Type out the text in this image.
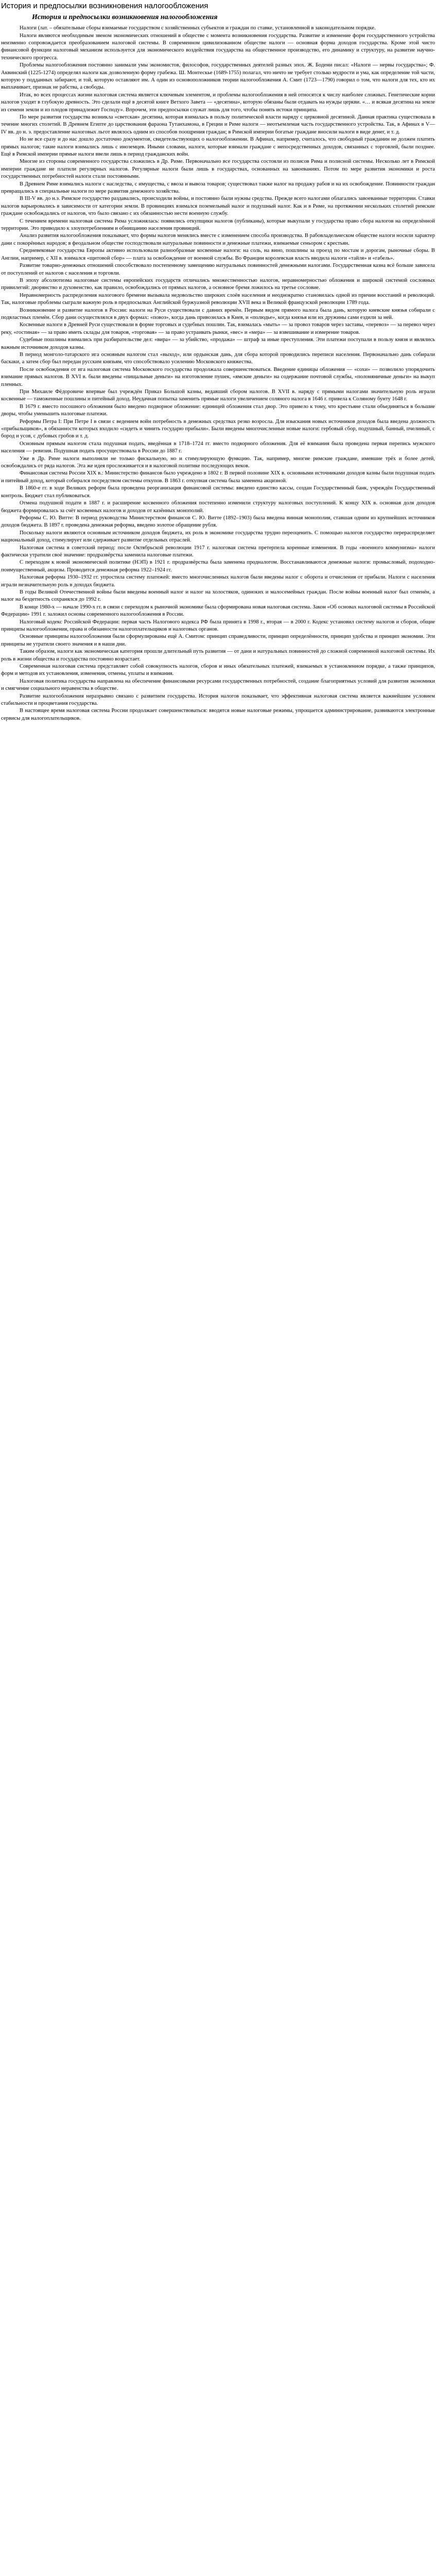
История и предпосылки возникновения налогообложения
История и предпосылки возникновения налогообложения

Налоги (лат. – обязательные сборы взимаемые государством с хозяйственных субъектов и граждан по ставке, установленной в законодательном порядке.

Налоги являются необходимым звеном экономических отношений в обществе с момента возникновения государства. Развитие и изменение форм государственного устройства неизменно сопровождается преобразованием налоговой системы. В современном цивилизованном обществе налоги — основная форма доходов государства. Кроме этой чисто финансовой функции налоговый механизм используется для экономического воздействия государства на общественное производство, его динамику и структуру, на развитие научно-технического прогресса.

Проблемы налогообложения постоянно занимали умы экономистов, философов, государственных деятелей разных эпох. Ж. Бодени писал: «Налоги — нервы государства»; Ф. Аквинский (1225-1274) определял налоги как дозволенную форму грабежа. Ш. Монтескье (1689-1755) полагал, что ничто не требует столько мудрости и ума, как определение той части, которую у подданных забирают, и той, которую оставляют им. А один из основоположников теории налогообложения А. Смит (1723—1790) говорил о том, что налоги для тех, кто их выплачивает, признак не рабства, а свободы.

Итак, во всех процессах жизни налоговая система является ключевым элементом, и проблемы налогообложения в ней относятся к числу наиболее сложных. Генетические корни налогов уходят в глубокую древность. Это сделали ещё в десятой книге Ветхого Завета — «десятина», которую обязаны были отдавать на нужды церкви. «… и всякая десятина на земле из семени земли и из плодов принадлежит Господу». Впрочем, эти предпосылки служат лишь для того, чтобы понять истоки принципа.

По мере развития государства возникла «светская» десятина, которая взималась в пользу политической власти наряду с церковной десятиной. Данная практика существовала в течение многих столетий. В Древнем Египте до царствования фараона Тутанхамона, в Греции и Риме налоги — неотъемлемая часть государственного устройства. Так, в Афинах в V—IV вв. до н. э. предоставление налоговых льгот являлось одним из способов поощрения граждан; в Римской империи богатые граждане вносили налоги в виде денег, и т. д.

Но не все сразу и до нас дошло достаточно документов, свидетельствующих о налогообложении. В Афинах, например, считалось, что свободный гражданин не должен платить прямых налогов; такие налоги взимались лишь с иноземцев. Иными словами, налоги, которые взимали граждане с непосредственных доходов, связанных с торговлей, были позднее. Ещё в Римской империи прямые налоги ввели лишь в период гражданских войн.

Многие из стороны современного государства сложились в Др. Риме. Первоначально все государства состояли из полисов Рима и полисной системы. Несколько лет в Римской империи граждане не платили регулярных налогов. Регулярные налоги были лишь в государствах, основанных на завоеваниях. Потом по мере развития экономики и роста государственных потребностей налоги стали постоянными.

В Древнем Риме взимались налоги с наследства, с имущества, с ввоза и вывоза товаров; существовал также налог на продажу рабов и на их освобождение. Повинности граждан превращались в специальные налоги по мере развития денежного хозяйства.

В III-V вв. до н.э. Римское государство раздавались, происходили войны, и постоянно были нужны средства. Прежде всего налогами облагались завоеванные территории. Ставки налогов варьировались в зависимости от категории земли. В провинциях взимался поземельный налог и подушный налог. Как и в Риме, на протяжении нескольких столетий римские граждане освобождались от налогов, что было связано с их обязанностью нести военную службу.

С течением времени налоговая система Рима усложнялась: появились откупщики налогов (публиканы), которые выкупали у государства право сбора налогов на определённой территории. Это приводило к злоупотреблениям и обнищанию населения провинций.

Анализ развития налогообложения показывает, что формы налогов менялись вместе с изменением способа производства. В рабовладельческом обществе налоги носили характер дани с покорённых народов; в феодальном обществе господствовали натуральные повинности и денежные платежи, взимаемые сеньором с крестьян.

Средневековые государства Европы активно использовали разнообразные косвенные налоги: на соль, на вино, пошлины за проезд по мостам и дорогам, рыночные сборы. В Англии, например, с XII в. взимался «щитовой сбор» — плата за освобождение от военной службы. Во Франции королевская власть вводила налоги «тайля» и «габель».

Развитие товарно-денежных отношений способствовало постепенному замещению натуральных повинностей денежными налогами. Государственная казна всё больше зависела от поступлений от налогов с населения и торговли.

В эпоху абсолютизма налоговые системы европейских государств отличались множественностью налогов, неравномерностью обложения и широкой системой сословных привилегий: дворянство и духовенство, как правило, освобождались от прямых налогов, а основное бремя ложилось на третье сословие.

Неравномерность распределения налогового бремени вызывала недовольство широких слоёв населения и неоднократно становилась одной из причин восстаний и революций. Так, налоговые проблемы сыграли важную роль в предпосылках Английской буржуазной революции XVII века и Великой французской революции 1789 года.

Возникновение и развитие налогов в России: налоги на Руси существовали с давних времён. Первым видом прямого налога была дань, которую киевские князья собирали с подвластных племён. Сбор дани осуществлялся в двух формах: «повоз», когда дань привозилась в Киев, и «полюдье», когда князья или их дружины сами ездили за ней.

Косвенные налоги в Древней Руси существовали в форме торговых и судебных пошлин. Так, взималась «мыть» — за провоз товаров через заставы, «перевоз» — за перевоз через реку, «гостиная» — за право иметь склады для товаров, «торговая» — за право устраивать рынки, «вес» и «мера» — за взвешивание и измерение товаров.

Судебные пошлины взимались при разбирательстве дел: «вира» — за убийство, «продажа» — штраф за иные преступления. Эти платежи поступали в пользу князя и являлись важным источником доходов казны.

В период монголо-татарского ига основным налогом стал «выход», или ордынская дань, для сбора которой проводились переписи населения. Первоначально дань собирали баскаки, а затем сбор был передан русским князьям, что способствовало усилению Московского княжества.

После освобождения от ига налоговая система Московского государства продолжала совершенствоваться. Введение единицы обложения — «сохи» — позволило упорядочить взимание прямых налогов. В XVI в. были введены «пищальные деньги» на изготовление пушек, «ямские деньги» на содержание почтовой службы, «полоняничные деньги» на выкуп пленных.

При Михаиле Фёдоровиче впервые был учреждён Приказ Большой казны, ведавший сбором налогов. В XVII в. наряду с прямыми налогами значительную роль играли косвенные — таможенные пошлины и питейный доход. Неудачная попытка заменить прямые налоги увеличением соляного налога в 1646 г. привела к Соляному бунту 1648 г.

В 1679 г. вместо посошного обложения было введено подворное обложение: единицей обложения стал двор. Это привело к тому, что крестьяне стали объединяться в большие дворы, чтобы уменьшить налоговые платежи.

Реформы Петра I: При Петре I в связи с ведением войн потребность в денежных средствах резко возросла. Для изыскания новых источников доходов была введена должность «прибыльщиков», в обязанности которых входило «сидеть и чинить государю прибыли». Были введены многочисленные новые налоги: гербовый сбор, подушный, банный, пчелиный, с бород и усов, с дубовых гробов и т. д.

Основным прямым налогом стала подушная подать, введённая в 1718–1724 гг. вместо подворного обложения. Для её взимания была проведена первая перепись мужского населения — ревизия. Подушная подать просуществовала в России до 1887 г.

Уже в Др. Риме налоги выполняли не только фискальную, но и стимулирующую функцию. Так, например, многие римские граждане, имевшие трёх и более детей, освобождались от ряда налогов. Эта же идея прослеживается и в налоговой политике последующих веков.

Финансовая система России XIX в.: Министерство финансов было учреждено в 1802 г. В первой половине XIX в. основными источниками доходов казны были подушная подать и питейный доход, который собирался посредством системы откупов. В 1863 г. откупная система была заменена акцизной.

В 1860-е гг. в ходе Великих реформ была проведена реорганизация финансовой системы: введено единство кассы, создан Государственный банк, учреждён Государственный контроль. Бюджет стал публиковаться.

Отмена подушной подати в 1887 г. и расширение косвенного обложения постепенно изменили структуру налоговых поступлений. К концу XIX в. основная доля доходов бюджета формировалась за счёт косвенных налогов и доходов от казённых монополий.

Реформы С. Ю. Витте: В период руководства Министерством финансов С. Ю. Витте (1892–1903) была введена винная монополия, ставшая одним из крупнейших источников доходов бюджета. В 1897 г. проведена денежная реформа, введено золотое обращение рубля.

Поскольку налоги являются основным источником доходов бюджета, их роль в экономике государства трудно переоценить. С помощью налогов государство перераспределяет национальный доход, стимулирует или сдерживает развитие отдельных отраслей.

Налоговая система в советский период: после Октябрьской революции 1917 г. налоговая система претерпела коренные изменения. В годы «военного коммунизма» налоги фактически утратили своё значение: продразвёрстка заменила налоговые платежи.

С переходом к новой экономической политике (НЭП) в 1921 г. продразвёрстка была заменена продналогом. Восстанавливаются денежные налоги: промысловый, подоходно-поимущественный, акцизы. Проводится денежная реформа 1922–1924 гг.

Налоговая реформа 1930–1932 гг. упростила систему платежей: вместо многочисленных налогов были введены налог с оборота и отчисления от прибыли. Налоги с населения играли незначительную роль в доходах бюджета.

В годы Великой Отечественной войны были введены военный налог и налог на холостяков, одиноких и малосемейных граждан. После войны военный налог был отменён, а налог на бездетность сохранялся до 1992 г.

В конце 1980-х — начале 1990-х гг. в связи с переходом к рыночной экономике была сформирована новая налоговая система. Закон «Об основах налоговой системы в Российской Федерации» 1991 г. заложил основы современного налогообложения в России.

Налоговый кодекс Российской Федерации: первая часть Налогового кодекса РФ была принята в 1998 г., вторая — в 2000 г. Кодекс установил систему налогов и сборов, общие принципы налогообложения, права и обязанности налогоплательщиков и налоговых органов.

Основные принципы налогообложения были сформулированы ещё А. Смитом: принцип справедливости, принцип определённости, принцип удобства и принцип экономии. Эти принципы не утратили своего значения и в наши дни.

Таким образом, налоги как экономическая категория прошли длительный путь развития — от дани и натуральных повинностей до сложной современной налоговой системы. Их роль в жизни общества и государства постоянно возрастает.

Современная налоговая система представляет собой совокупность налогов, сборов и иных обязательных платежей, взимаемых в установленном порядке, а также принципов, форм и методов их установления, изменения, отмены, уплаты и взимания.

Налоговая политика государства направлена на обеспечение финансовыми ресурсами государственных потребностей, создание благоприятных условий для развития экономики и смягчение социального неравенства в обществе.

Развитие налогообложения неразрывно связано с развитием государства. История налогов показывает, что эффективная налоговая система является важнейшим условием стабильности и процветания государства.

В настоящее время налоговая система России продолжает совершенствоваться: вводятся новые налоговые режимы, упрощается администрирование, развиваются электронные сервисы для налогоплательщиков.
